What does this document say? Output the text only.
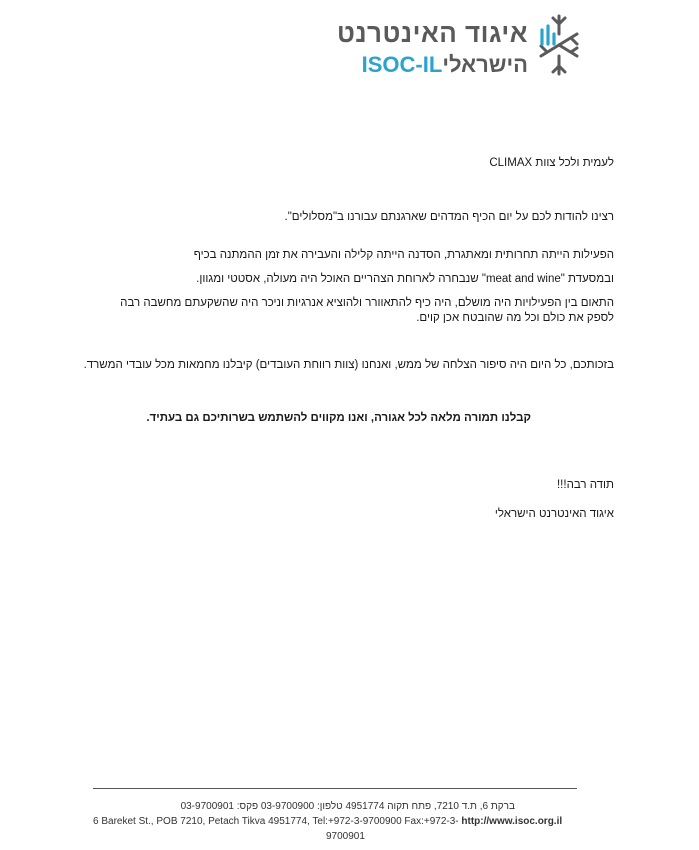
איגוד האינטרנט
הישראליISOC-IL
לעמית ולכל צוות CLIMAX
רצינו להודות לכם על יום הכיף המדהים שארגנתם עבורנו ב"מסלולים".
הפעילות הייתה תחרותית ומאתגרת, הסדנה הייתה קלילה והעבירה את זמן ההמתנה בכיף
ובמסעדת "meat and wine" שנבחרה לארוחת הצהריים האוכל היה מעולה, אסטטי ומגוון.
התאום בין הפעילויות היה מושלם, היה כיף להתאוורר ולהוציא אנרגיות וניכר היה שהשקעתם מחשבה רבה לספק את כולם וכל מה שהובטח אכן קוים.
בזכותכם, כל היום היה סיפור הצלחה של ממש, ואנחנו (צוות רווחת העובדים) קיבלנו מחמאות מכל עובדי המשרד.
קבלנו תמורה מלאה לכל אגורה, ואנו מקווים להשתמש בשרותיכם גם בעתיד.
תודה רבה!!!
איגוד האינטרנט הישראלי
ברקת 6, ת.ד 7210, פתח תקוה 4951774 טלפון: 03-9700900 פקס: 03-9700901
6 Bareket St., POB 7210, Petach Tikva 4951774, Tel:+972-3-9700900 Fax:+972-3- http://www.isoc.org.il
9700901
